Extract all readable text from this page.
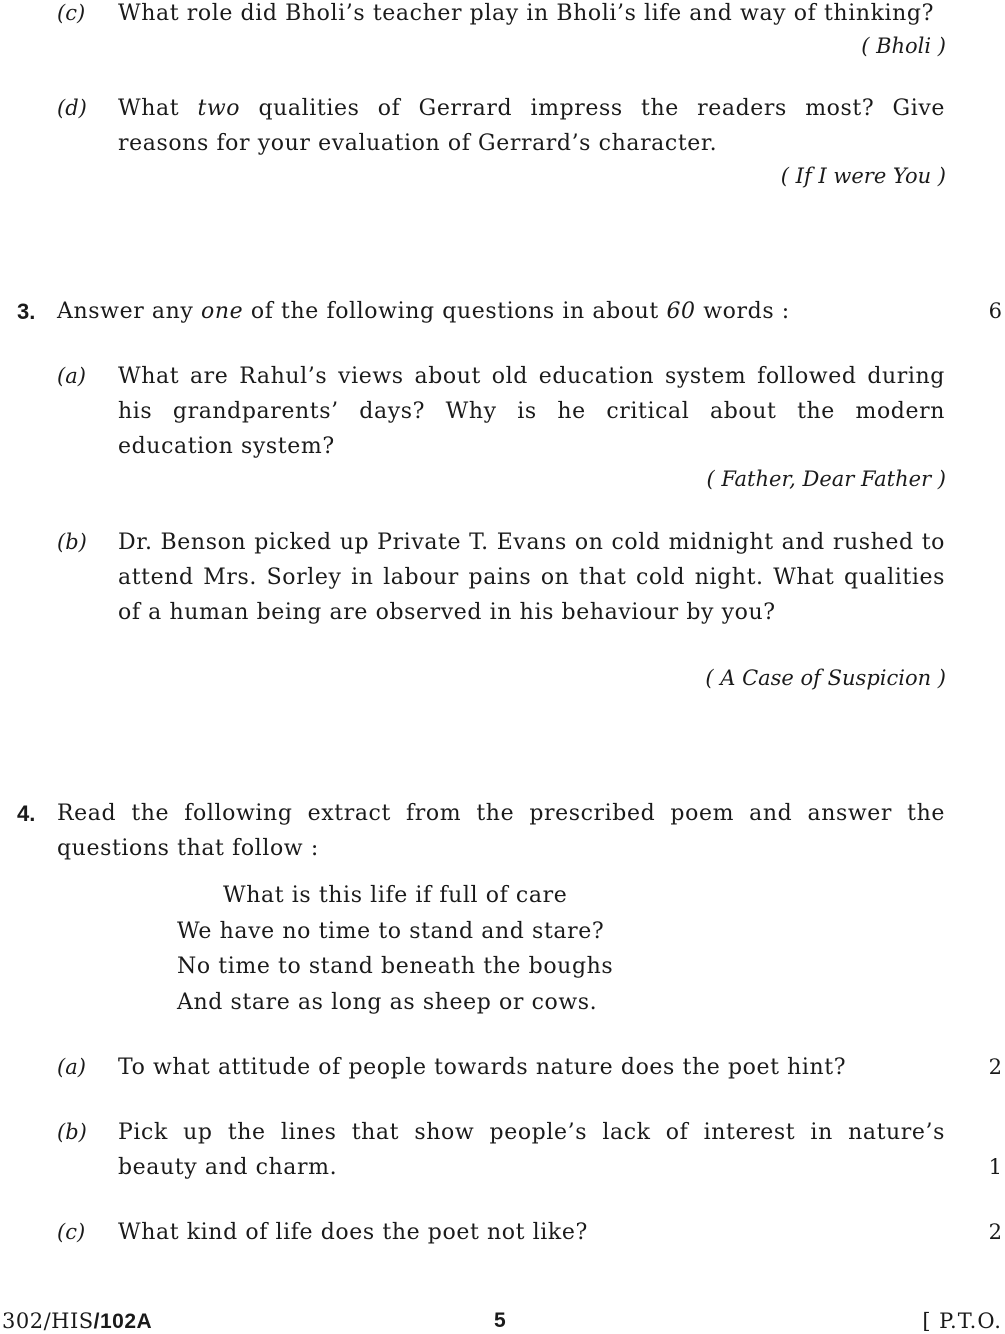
(c) What role did Bholi’s teacher play in Bholi’s life and way of thinking?
( Bholi )
(d) What two qualities of Gerrard impress the readers most? Give reasons for your evaluation of Gerrard’s character.
( If I were You )
3. Answer any one of the following questions in about 60 words :	6
(a) What are Rahul’s views about old education system followed during his grandparents’ days? Why is he critical about the modern education system?
( Father, Dear Father )
(b) Dr. Benson picked up Private T. Evans on cold midnight and rushed to attend Mrs. Sorley in labour pains on that cold night. What qualities of a human being are observed in his behaviour by you?
( A Case of Suspicion )
4. Read the following extract from the prescribed poem and answer the questions that follow :
What is this life if full of care
We have no time to stand and stare?
No time to stand beneath the boughs
And stare as long as sheep or cows.
(a) To what attitude of people towards nature does the poet hint?	2
(b) Pick up the lines that show people’s lack of interest in nature’s beauty and charm.	1
(c) What kind of life does the poet not like?	2
302/HIS/102A	5	[ P.T.O.
